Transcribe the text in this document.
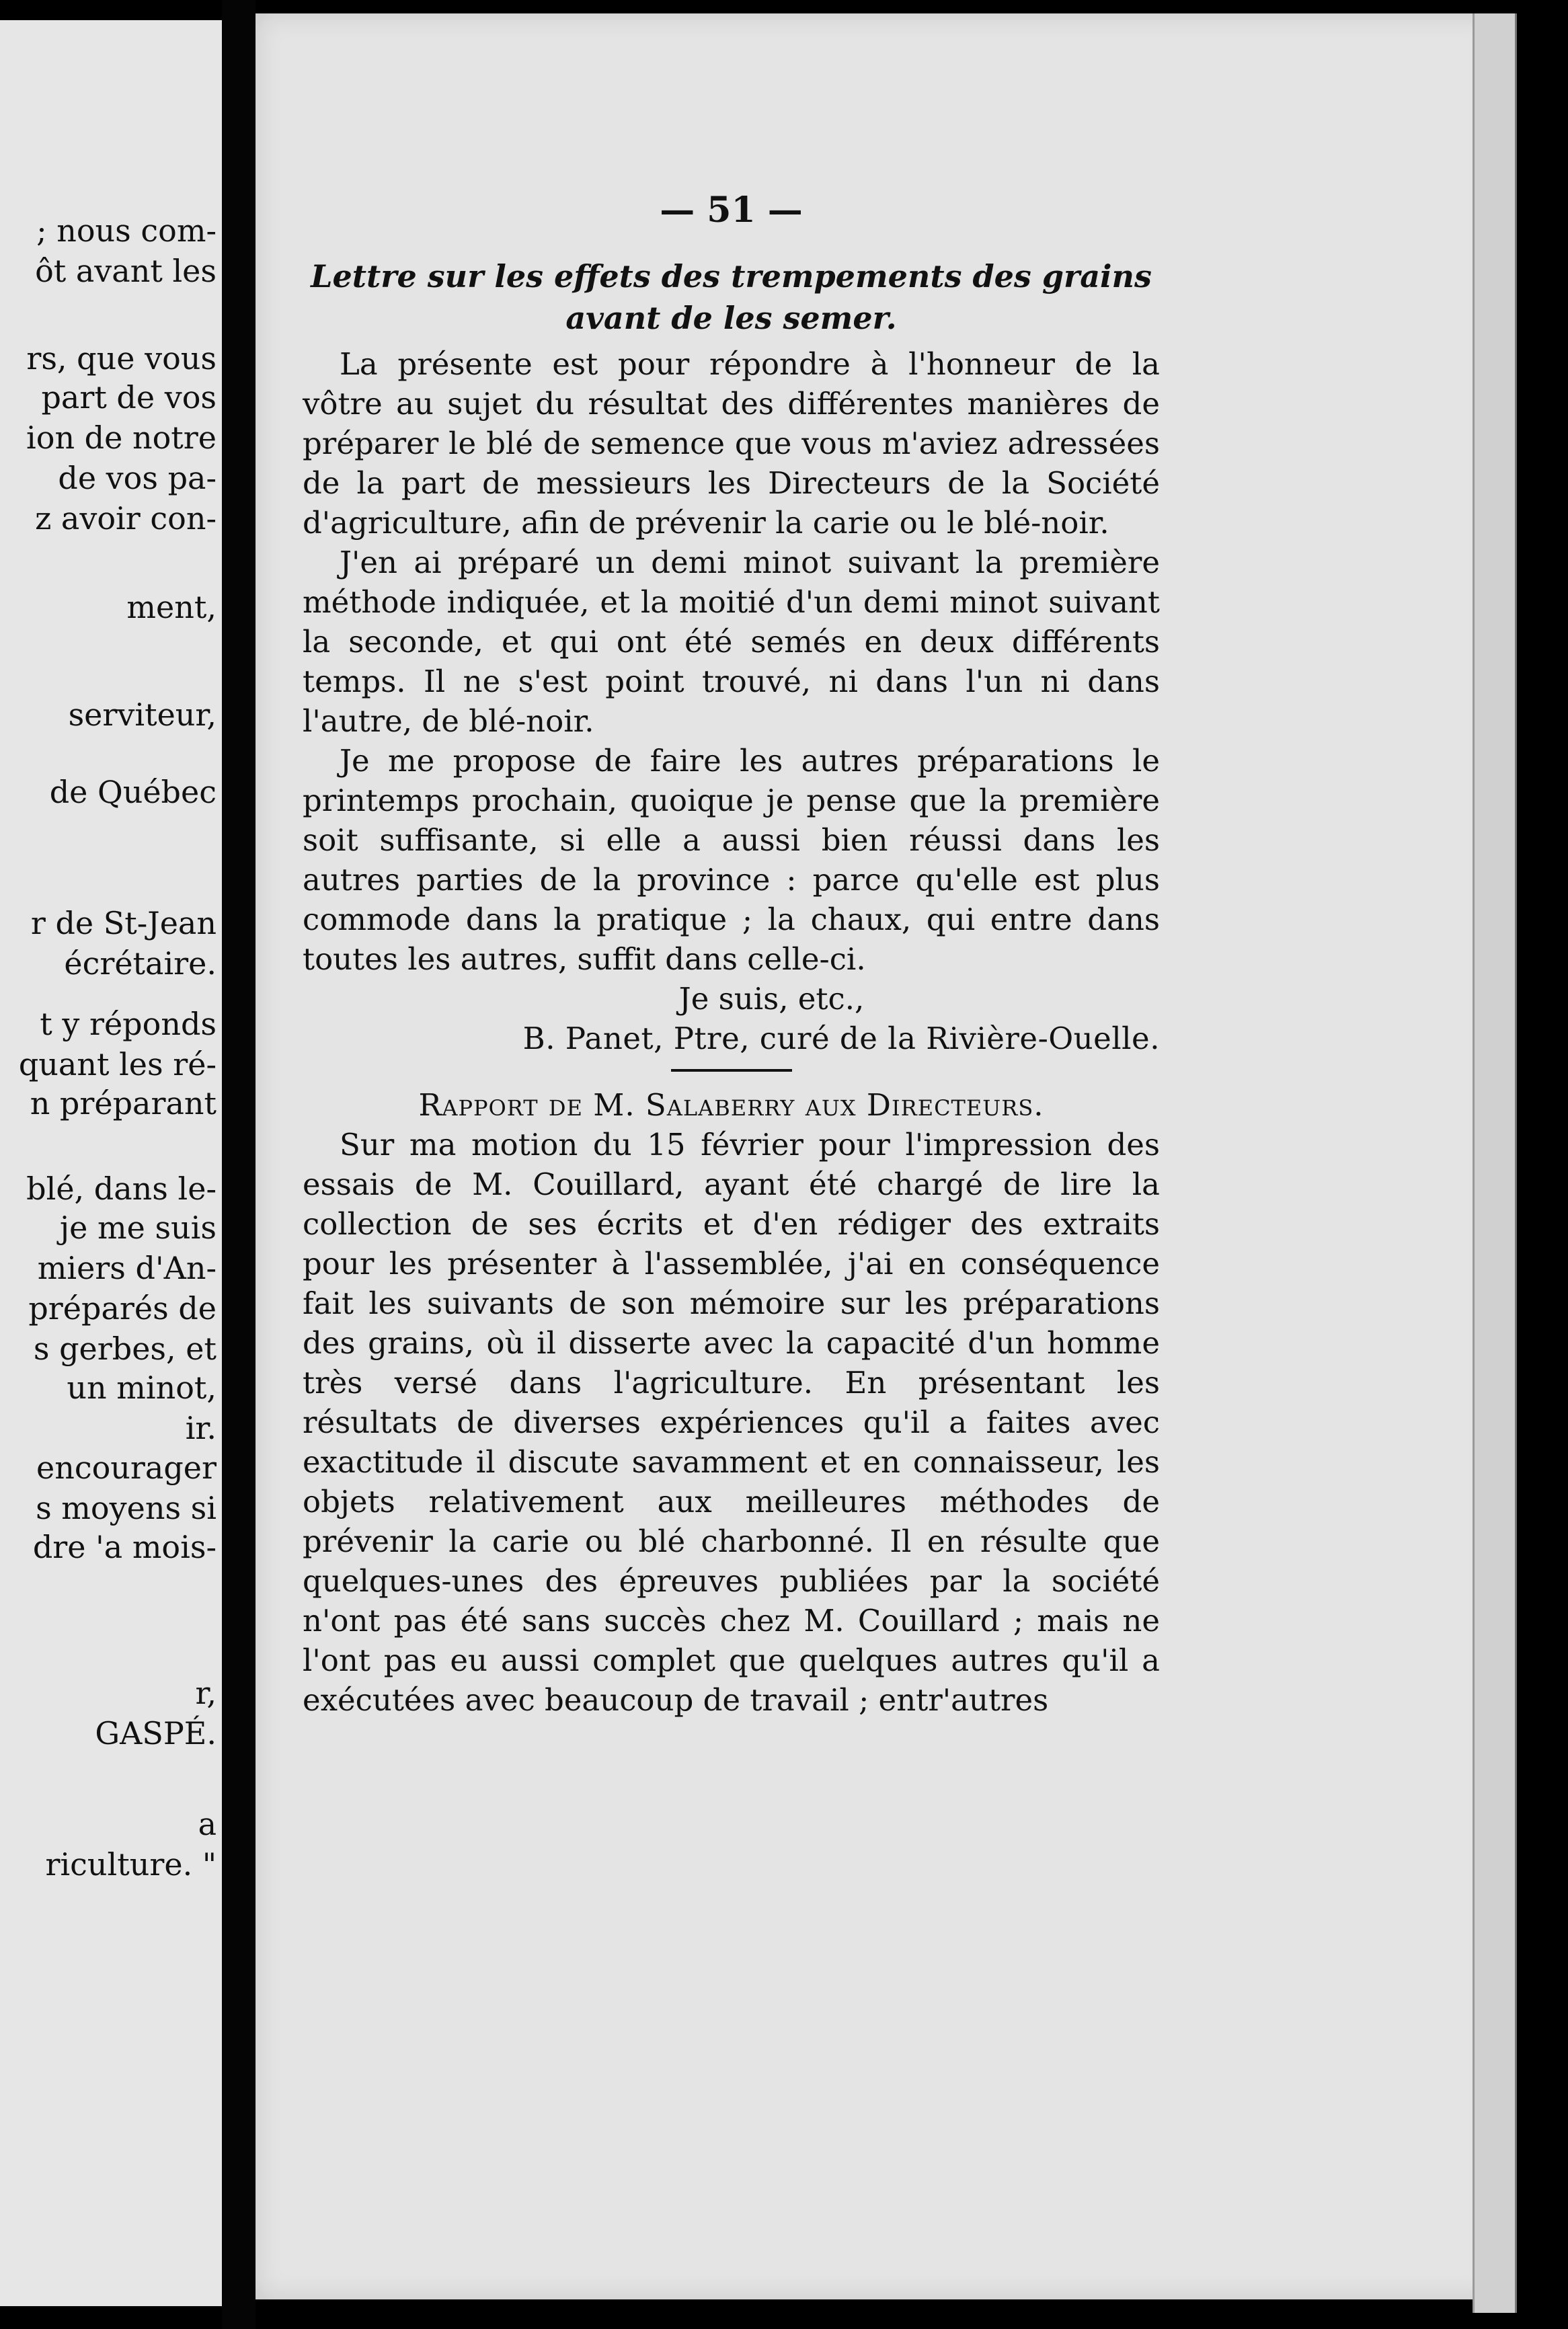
; nous com-
ôt avant les
rs, que vous
part de vos
ion de notre
de vos pa-
z avoir con-
ment,
serviteur,
de Québec
r de St-Jean
écrétaire.
t y réponds
quant les ré-
n préparant
blé, dans le-
je me suis
miers d'An-
préparés de
s gerbes, et
un minot,
ir.
encourager
s moyens si
dre 'a mois-
r,
GASPÉ.
a
riculture. "
— 51 —
Lettre sur les effets des trempements des grains
avant de les semer.

La présente est pour répondre à l'honneur de la vôtre au sujet du résultat des différentes manières de préparer le blé de semence que vous m'aviez adressées de la part de messieurs les Directeurs de la Société d'agriculture, afin de prévenir la carie ou le blé-noir.

J'en ai préparé un demi minot suivant la première méthode indiquée, et la moitié d'un demi minot suivant la seconde, et qui ont été semés en deux différents temps. Il ne s'est point trouvé, ni dans l'un ni dans l'autre, de blé-noir.

Je me propose de faire les autres préparations le printemps prochain, quoique je pense que la première soit suffisante, si elle a aussi bien réussi dans les autres parties de la province : parce qu'elle est plus commode dans la pratique ; la chaux, qui entre dans toutes les autres, suffit dans celle-ci.

Je suis, etc.,
B. Panet, Ptre, curé de la Rivière-Ouelle.
Rapport de M. Salaberry aux Directeurs.

Sur ma motion du 15 février pour l'impression des essais de M. Couillard, ayant été chargé de lire la collection de ses écrits et d'en rédiger des extraits pour les présenter à l'assemblée, j'ai en conséquence fait les suivants de son mémoire sur les préparations des grains, où il disserte avec la capacité d'un homme très versé dans l'agriculture. En présentant les résultats de diverses expériences qu'il a faites avec exactitude il discute savamment et en connaisseur, les objets relativement aux meilleures méthodes de prévenir la carie ou blé charbonné. Il en résulte que quelques-unes des épreuves publiées par la société n'ont pas été sans succès chez M. Couillard ; mais ne l'ont pas eu aussi complet que quelques autres qu'il a exécutées avec beaucoup de travail ; entr'autres
